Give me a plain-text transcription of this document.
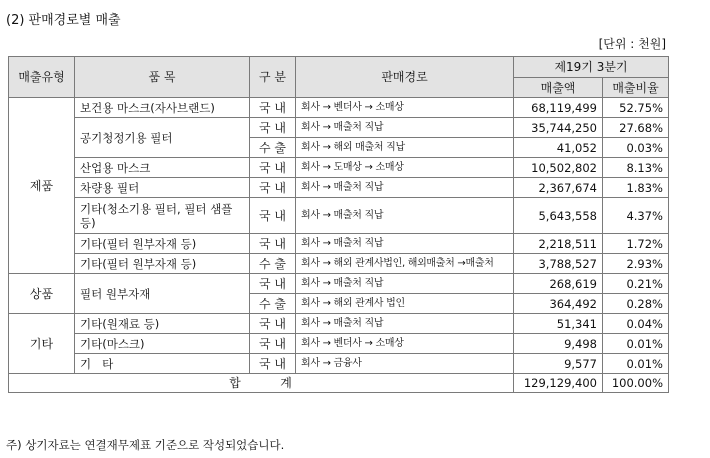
(2) 판매경로별 매출
[단위 : 천원]
매출유형	품 목	구 분	판매경로	제19기 3분기	
				매출액	매출비율
제품	보건용 마스크(자사브랜드)	국 내	회사 → 벤더사 → 소매상	68,119,499	52.75%
	공기청정기용 필터	국 내	회사 → 매출처 직납	35,744,250	27.68%
		수 출	회사 → 해외 매출처 직납	41,052	0.03%
	산업용 마스크	국 내	회사 → 도매상 → 소매상	10,502,802	8.13%
	차량용 필터	국 내	회사 → 매출처 직납	2,367,674	1.83%
	기타(청소기용 필터, 필터 샘플 등)	국 내	회사 → 매출처 직납	5,643,558	4.37%
	기타(필터 원부자재 등)	국 내	회사 → 매출처 직납	2,218,511	1.72%
	기타(필터 원부자재 등)	수 출	회사 → 해외 관계사법인, 해외매출처 →매출처	3,788,527	2.93%
상품	필터 원부자재	국 내	회사 → 매출처 직납	268,619	0.21%
		수 출	회사 → 해외 관계사 법인	364,492	0.28%
기타	기타(원재료 등)	국 내	회사 → 매출처 직납	51,341	0.04%
	기타(마스크)	국 내	회사 → 벤더사 → 소매상	9,498	0.01%
	기   타	국 내	회사 → 금융사	9,577	0.01%
합        계				129,129,400	100.00%
주) 상기자료는 연결재무제표 기준으로 작성되었습니다.
